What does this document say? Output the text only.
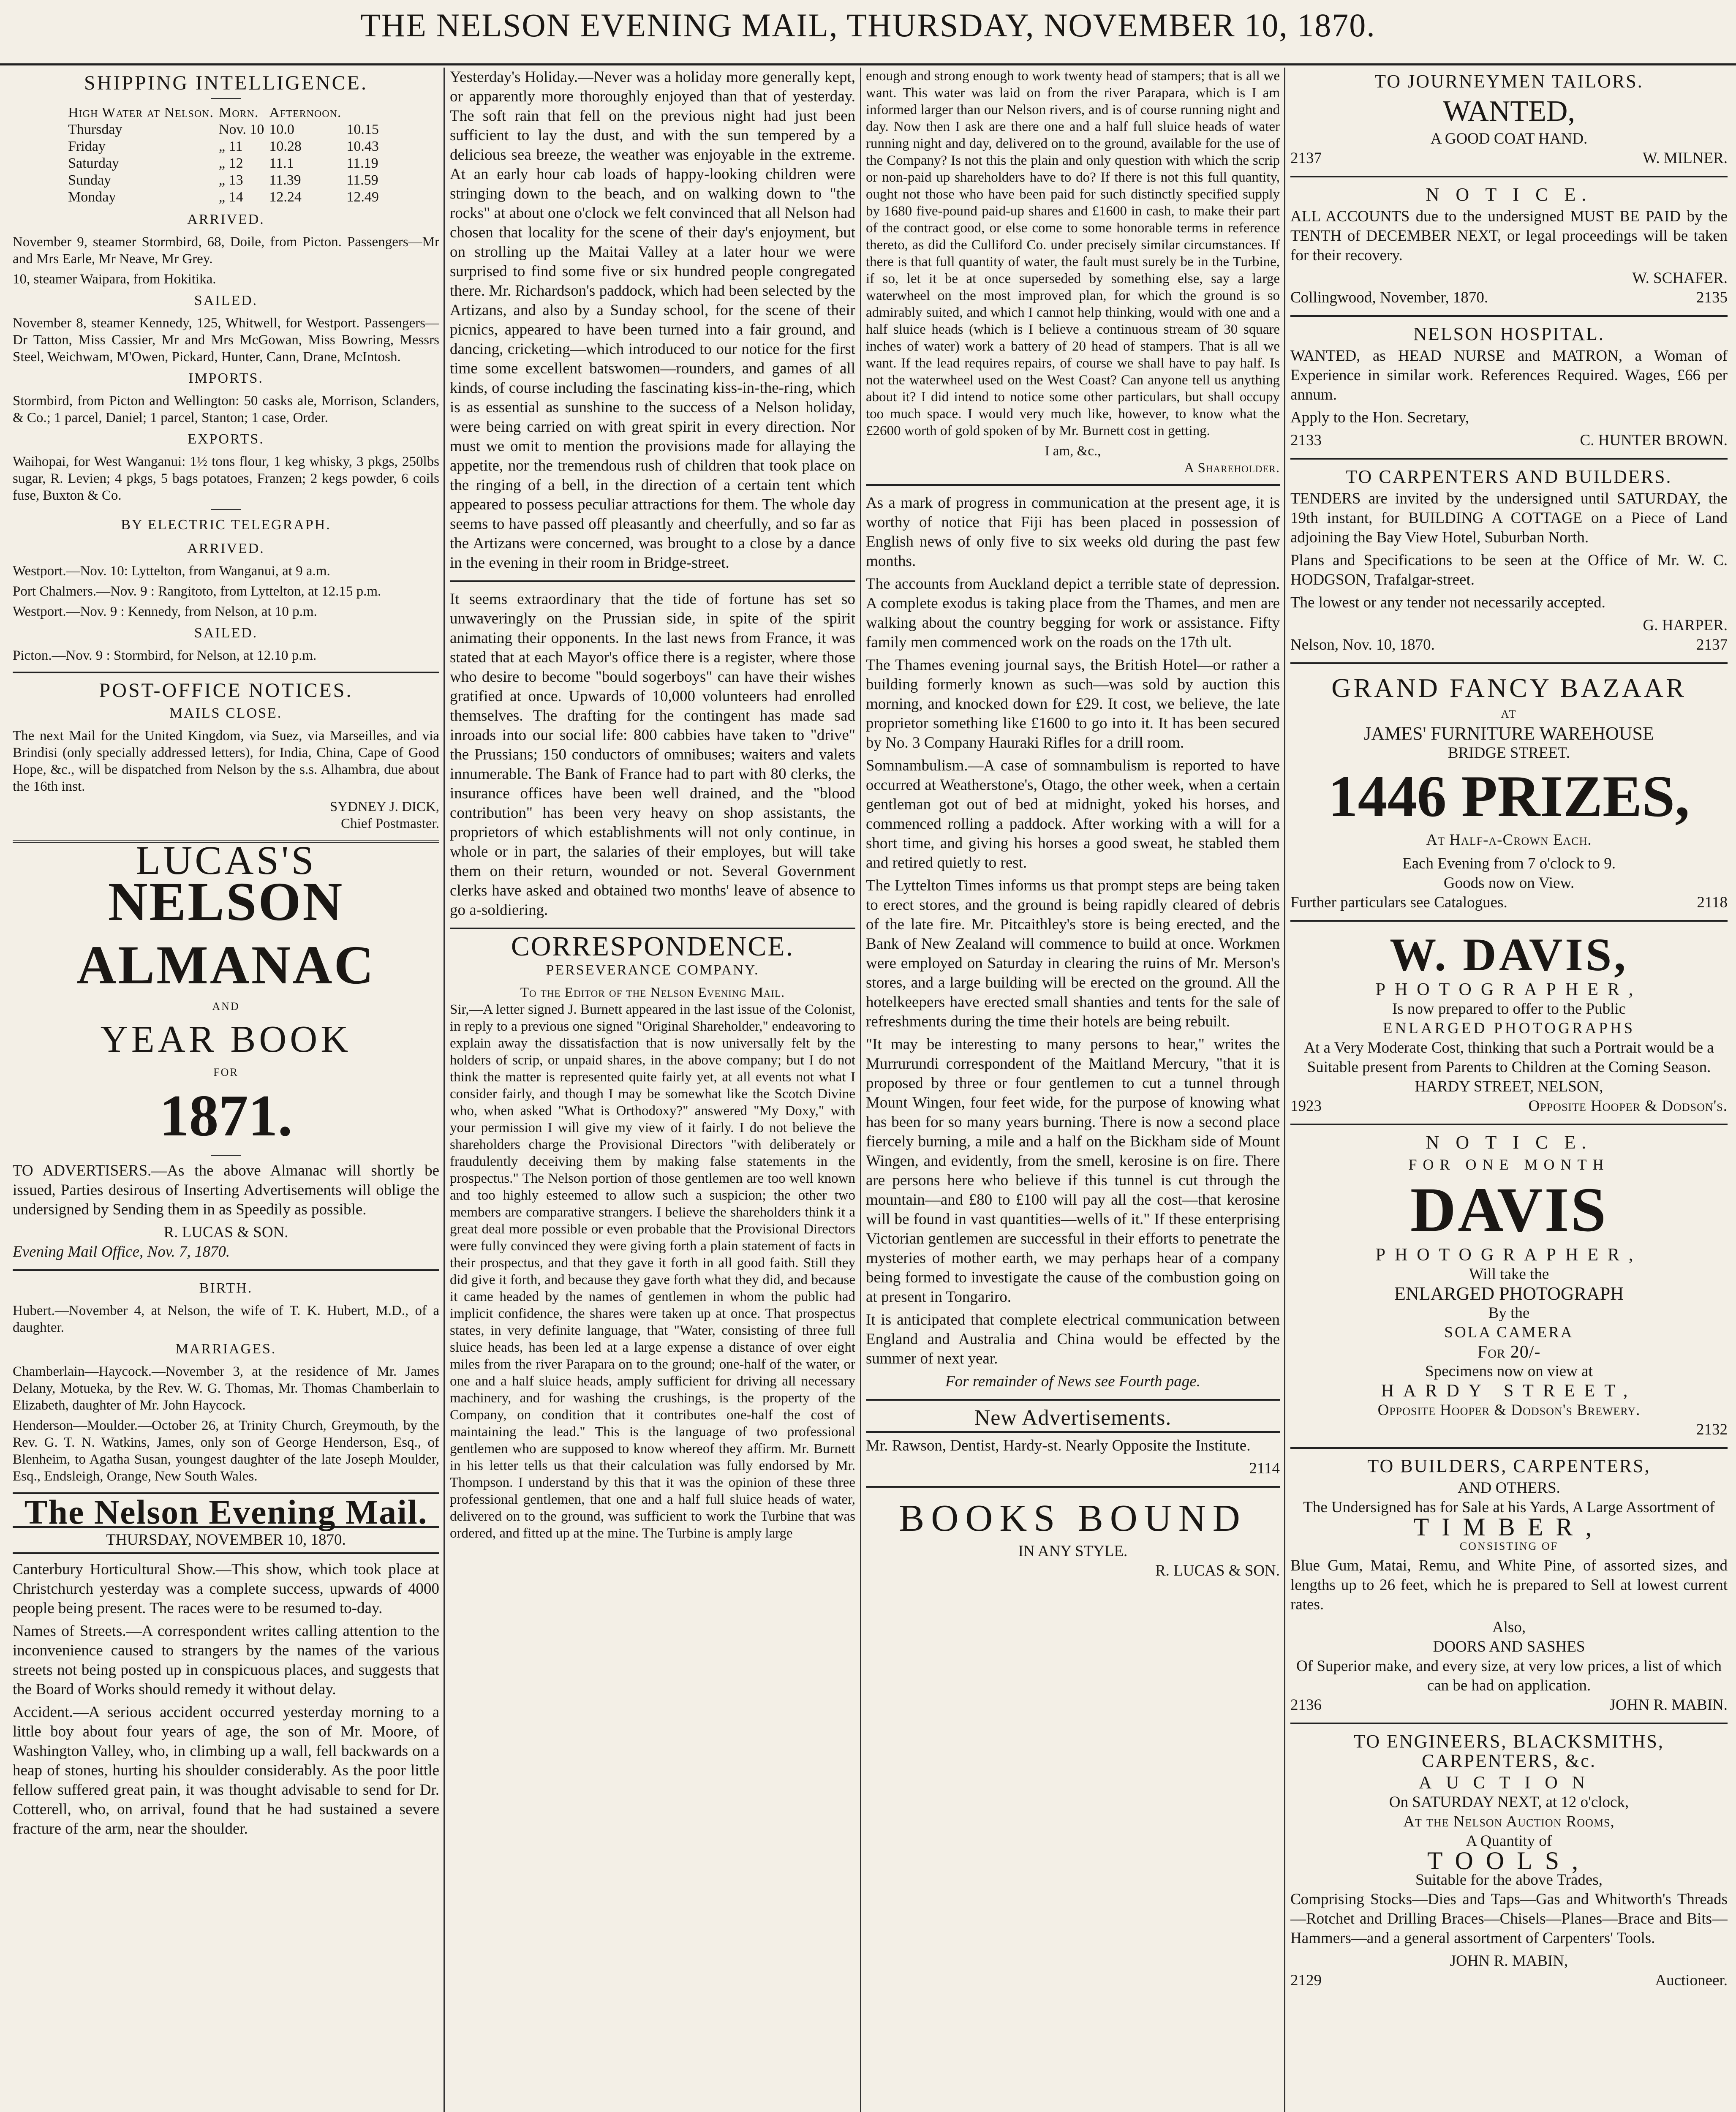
THE NELSON EVENING MAIL, THURSDAY, NOVEMBER 10, 1870.
SHIPPING INTELLIGENCE.
High Water at Nelson.	Morn.	Afternoon.	
Thursday	Nov. 10	10.0	10.15
Friday	„ 11	10.28	10.43
Saturday	„ 12	11.1	11.19
Sunday	„ 13	11.39	11.59
Monday	„ 14	12.24	12.49
ARRIVED.

November 9, steamer Stormbird, 68, Doile, from Picton. Passengers—Mr and Mrs Earle, Mr Neave, Mr Grey.

10, steamer Waipara, from Hokitika.

SAILED.

November 8, steamer Kennedy, 125, Whitwell, for Westport. Passengers—Dr Tatton, Miss Cassier, Mr and Mrs McGowan, Miss Bowring, Messrs Steel, Weichwam, M'Owen, Pickard, Hunter, Cann, Drane, McIntosh.

IMPORTS.

Stormbird, from Picton and Wellington: 50 casks ale, Morrison, Sclanders, & Co.; 1 parcel, Daniel; 1 parcel, Stanton; 1 case, Order.

EXPORTS.

Waihopai, for West Wanganui: 1½ tons flour, 1 keg whisky, 3 pkgs, 250lbs sugar, R. Levien; 4 pkgs, 5 bags potatoes, Franzen; 2 kegs powder, 6 coils fuse, Buxton & Co.

BY ELECTRIC TELEGRAPH.
ARRIVED.

Westport.—Nov. 10: Lyttelton, from Wanganui, at 9 a.m.

Port Chalmers.—Nov. 9 : Rangitoto, from Lyttelton, at 12.15 p.m.

Westport.—Nov. 9 : Kennedy, from Nelson, at 10 p.m.

SAILED.

Picton.—Nov. 9 : Stormbird, for Nelson, at 12.10 p.m.

POST-OFFICE NOTICES.
MAILS CLOSE.

The next Mail for the United Kingdom, via Suez, via Marseilles, and via Brindisi (only specially addressed letters), for India, China, Cape of Good Hope, &c., will be dispatched from Nelson by the s.s. Alhambra, due about the 16th inst.

SYDNEY J. DICK,
Chief Postmaster.
LUCAS'S
NELSON ALMANAC
AND
YEAR BOOK
FOR
1871.

TO ADVERTISERS.—As the above Almanac will shortly be issued, Parties desirous of Inserting Advertisements will oblige the undersigned by Sending them in as Speedily as possible.

R. LUCAS & SON.
Evening Mail Office, Nov. 7, 1870.
BIRTH.

Hubert.—November 4, at Nelson, the wife of T. K. Hubert, M.D., of a daughter.

MARRIAGES.

Chamberlain—Haycock.—November 3, at the residence of Mr. James Delany, Motueka, by the Rev. W. G. Thomas, Mr. Thomas Chamberlain to Elizabeth, daughter of Mr. John Haycock.

Henderson—Moulder.—October 26, at Trinity Church, Greymouth, by the Rev. G. T. N. Watkins, James, only son of George Henderson, Esq., of Blenheim, to Agatha Susan, youngest daughter of the late Joseph Moulder, Esq., Endsleigh, Orange, New South Wales.

The Nelson Evening Mail.
THURSDAY, NOVEMBER 10, 1870.

Canterbury Horticultural Show.—This show, which took place at Christchurch yesterday was a complete success, upwards of 4000 people being present. The races were to be resumed to-day.

Names of Streets.—A correspondent writes calling attention to the inconvenience caused to strangers by the names of the various streets not being posted up in conspicuous places, and suggests that the Board of Works should remedy it without delay.

Accident.—A serious accident occurred yesterday morning to a little boy about four years of age, the son of Mr. Moore, of Washington Valley, who, in climbing up a wall, fell backwards on a heap of stones, hurting his shoulder considerably. As the poor little fellow suffered great pain, it was thought advisable to send for Dr. Cotterell, who, on arrival, found that he had sustained a severe fracture of the arm, near the shoulder.

Yesterday's Holiday.—Never was a holiday more generally kept, or apparently more thoroughly enjoyed than that of yesterday. The soft rain that fell on the previous night had just been sufficient to lay the dust, and with the sun tempered by a delicious sea breeze, the weather was enjoyable in the extreme. At an early hour cab loads of happy-looking children were stringing down to the beach, and on walking down to "the rocks" at about one o'clock we felt convinced that all Nelson had chosen that locality for the scene of their day's enjoyment, but on strolling up the Maitai Valley at a later hour we were surprised to find some five or six hundred people congregated there. Mr. Richardson's paddock, which had been selected by the Artizans, and also by a Sunday school, for the scene of their picnics, appeared to have been turned into a fair ground, and dancing, cricketing—which introduced to our notice for the first time some excellent batswomen—rounders, and games of all kinds, of course including the fascinating kiss-in-the-ring, which is as essential as sunshine to the success of a Nelson holiday, were being carried on with great spirit in every direction. Nor must we omit to mention the provisions made for allaying the appetite, nor the tremendous rush of children that took place on the ringing of a bell, in the direction of a certain tent which appeared to possess peculiar attractions for them. The whole day seems to have passed off pleasantly and cheerfully, and so far as the Artizans were concerned, was brought to a close by a dance in the evening in their room in Bridge-street.

It seems extraordinary that the tide of fortune has set so unwaveringly on the Prussian side, in spite of the spirit animating their opponents. In the last news from France, it was stated that at each Mayor's office there is a register, where those who desire to become "bould sogerboys" can have their wishes gratified at once. Upwards of 10,000 volunteers had enrolled themselves. The drafting for the contingent has made sad inroads into our social life: 800 cabbies have taken to "drive" the Prussians; 150 conductors of omnibuses; waiters and valets innumerable. The Bank of France had to part with 80 clerks, the insurance offices have been well drained, and the "blood contribution" has been very heavy on shop assistants, the proprietors of which establishments will not only continue, in whole or in part, the salaries of their employes, but will take them on their return, wounded or not. Several Government clerks have asked and obtained two months' leave of absence to go a-soldiering.

CORRESPONDENCE.
PERSEVERANCE COMPANY.
To the Editor of the Nelson Evening Mail.

Sir,—A letter signed J. Burnett appeared in the last issue of the Colonist, in reply to a previous one signed "Original Shareholder," endeavoring to explain away the dissatisfaction that is now universally felt by the holders of scrip, or unpaid shares, in the above company; but I do not think the matter is represented quite fairly yet, at all events not what I consider fairly, and though I may be somewhat like the Scotch Divine who, when asked "What is Orthodoxy?" answered "My Doxy," with your permission I will give my view of it fairly. I do not believe the shareholders charge the Provisional Directors "with deliberately or fraudulently deceiving them by making false statements in the prospectus." The Nelson portion of those gentlemen are too well known and too highly esteemed to allow such a suspicion; the other two members are comparative strangers. I believe the shareholders think it a great deal more possible or even probable that the Provisional Directors were fully convinced they were giving forth a plain statement of facts in their prospectus, and that they gave it forth in all good faith. Still they did give it forth, and because they gave forth what they did, and because it came headed by the names of gentlemen in whom the public had implicit confidence, the shares were taken up at once. That prospectus states, in very definite language, that "Water, consisting of three full sluice heads, has been led at a large expense a distance of over eight miles from the river Parapara on to the ground; one-half of the water, or one and a half sluice heads, amply sufficient for driving all necessary machinery, and for washing the crushings, is the property of the Company, on condition that it contributes one-half the cost of maintaining the lead." This is the language of two professional gentlemen who are supposed to know whereof they affirm. Mr. Burnett in his letter tells us that their calculation was fully endorsed by Mr. Thompson. I understand by this that it was the opinion of these three professional gentlemen, that one and a half full sluice heads of water, delivered on to the ground, was sufficient to work the Turbine that was ordered, and fitted up at the mine. The Turbine is amply large

enough and strong enough to work twenty head of stampers; that is all we want. This water was laid on from the river Parapara, which is I am informed larger than our Nelson rivers, and is of course running night and day. Now then I ask are there one and a half full sluice heads of water running night and day, delivered on to the ground, available for the use of the Company? Is not this the plain and only question with which the scrip or non-paid up shareholders have to do? If there is not this full quantity, ought not those who have been paid for such distinctly specified supply by 1680 five-pound paid-up shares and £1600 in cash, to make their part of the contract good, or else come to some honorable terms in reference thereto, as did the Culliford Co. under precisely similar circumstances. If there is that full quantity of water, the fault must surely be in the Turbine, if so, let it be at once superseded by something else, say a large waterwheel on the most improved plan, for which the ground is so admirably suited, and which I cannot help thinking, would with one and a half sluice heads (which is I believe a continuous stream of 30 square inches of water) work a battery of 20 head of stampers. That is all we want. If the lead requires repairs, of course we shall have to pay half. Is not the waterwheel used on the West Coast? Can anyone tell us anything about it? I did intend to notice some other particulars, but shall occupy too much space. I would very much like, however, to know what the £2600 worth of gold spoken of by Mr. Burnett cost in getting.

I am, &c.,
A Shareholder.

As a mark of progress in communication at the present age, it is worthy of notice that Fiji has been placed in possession of English news of only five to six weeks old during the past few months.

The accounts from Auckland depict a terrible state of depression. A complete exodus is taking place from the Thames, and men are walking about the country begging for work or assistance. Fifty family men commenced work on the roads on the 17th ult.

The Thames evening journal says, the British Hotel—or rather a building formerly known as such—was sold by auction this morning, and knocked down for £29. It cost, we believe, the late proprietor something like £1600 to go into it. It has been secured by No. 3 Company Hauraki Rifles for a drill room.

Somnambulism.—A case of somnambulism is reported to have occurred at Weatherstone's, Otago, the other week, when a certain gentleman got out of bed at midnight, yoked his horses, and commenced rolling a paddock. After working with a will for a short time, and giving his horses a good sweat, he stabled them and retired quietly to rest.

The Lyttelton Times informs us that prompt steps are being taken to erect stores, and the ground is being rapidly cleared of debris of the late fire. Mr. Pitcaithley's store is being erected, and the Bank of New Zealand will commence to build at once. Workmen were employed on Saturday in clearing the ruins of Mr. Merson's stores, and a large building will be erected on the ground. All the hotelkeepers have erected small shanties and tents for the sale of refreshments during the time their hotels are being rebuilt.

"It may be interesting to many persons to hear," writes the Murrurundi correspondent of the Maitland Mercury, "that it is proposed by three or four gentlemen to cut a tunnel through Mount Wingen, four feet wide, for the purpose of knowing what has been for so many years burning. There is now a second place fiercely burning, a mile and a half on the Bickham side of Mount Wingen, and evidently, from the smell, kerosine is on fire. There are persons here who believe if this tunnel is cut through the mountain—and £80 to £100 will pay all the cost—that kerosine will be found in vast quantities—wells of it." If these enterprising Victorian gentlemen are successful in their efforts to penetrate the mysteries of mother earth, we may perhaps hear of a company being formed to investigate the cause of the combustion going on at present in Tongariro.

It is anticipated that complete electrical communication between England and Australia and China would be effected by the summer of next year.

For remainder of News see Fourth page.
New Advertisements.

Mr. Rawson, Dentist, Hardy-st. Nearly Opposite the Institute.

2114
BOOKS BOUND
IN ANY STYLE.
R. LUCAS & SON.
TO JOURNEYMEN TAILORS.
WANTED,
A GOOD COAT HAND.
2137	W. MILNER.
N O T I C E.

ALL ACCOUNTS due to the undersigned MUST BE PAID by the TENTH of DECEMBER NEXT, or legal proceedings will be taken for their recovery.

W. SCHAFER.
Collingwood, November, 1870.	2135
NELSON HOSPITAL.

WANTED, as HEAD NURSE and MATRON, a Woman of Experience in similar work. References Required. Wages, £66 per annum.

Apply to the Hon. Secretary,

2133	C. HUNTER BROWN.
TO CARPENTERS AND BUILDERS.

TENDERS are invited by the undersigned until SATURDAY, the 19th instant, for BUILDING A COTTAGE on a Piece of Land adjoining the Bay View Hotel, Suburban North.

Plans and Specifications to be seen at the Office of Mr. W. C. HODGSON, Trafalgar-street.

The lowest or any tender not necessarily accepted.

G. HARPER.
Nelson, Nov. 10, 1870.	2137
GRAND FANCY BAZAAR
AT
JAMES' FURNITURE WAREHOUSE
BRIDGE STREET.
1446 PRIZES,
At Half-a-Crown Each.
Each Evening from 7 o'clock to 9.
Goods now on View.
Further particulars see Catalogues.	2118
W. DAVIS,
PHOTOGRAPHER,
Is now prepared to offer to the Public
ENLARGED PHOTOGRAPHS
At a Very Moderate Cost, thinking that such a Portrait would be a Suitable present from Parents to Children at the Coming Season.
HARDY STREET, NELSON,
1923	Opposite Hooper & Dodson's.
N O T I C E.
FOR ONE MONTH
DAVIS
PHOTOGRAPHER,
Will take the
ENLARGED PHOTOGRAPH
By the
SOLA CAMERA
For 20/-
Specimens now on view at
HARDY STREET,
Opposite Hooper & Dodson's Brewery.
2132
TO BUILDERS, CARPENTERS,
AND OTHERS.
The Undersigned has for Sale at his Yards, A Large Assortment of
TIMBER,
CONSISTING OF

Blue Gum, Matai, Remu, and White Pine, of assorted sizes, and lengths up to 26 feet, which he is prepared to Sell at lowest current rates.

Also,
DOORS AND SASHES
Of Superior make, and every size, at very low prices, a list of which can be had on application.
2136	JOHN R. MABIN.
TO ENGINEERS, BLACKSMITHS, CARPENTERS, &c.
AUCTION
On SATURDAY NEXT, at 12 o'clock,
At the Nelson Auction Rooms,
A Quantity of
TOOLS,
Suitable for the above Trades,

Comprising Stocks—Dies and Taps—Gas and Whitworth's Threads—Rotchet and Drilling Braces—Chisels—Planes—Brace and Bits—Hammers—and a general assortment of Carpenters' Tools.

JOHN R. MABIN,
2129	Auctioneer.
